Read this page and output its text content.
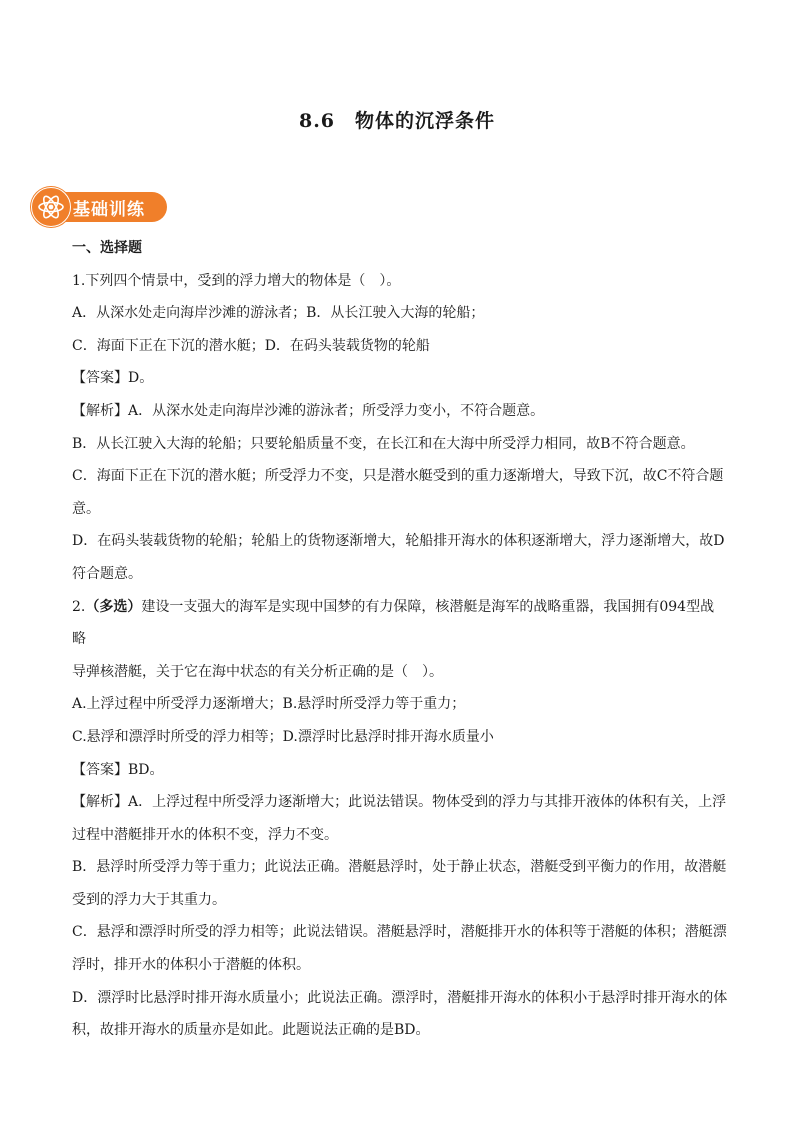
8.6　物体的沉浮条件
基础训练

一、选择题

1.下列四个情景中，受到的浮力增大的物体是（　）。

A．从深水处走向海岸沙滩的游泳者；B．从长江驶入大海的轮船；

C．海面下正在下沉的潜水艇；D．在码头装载货物的轮船

【答案】D。

【解析】A．从深水处走向海岸沙滩的游泳者；所受浮力变小，不符合题意。

B．从长江驶入大海的轮船；只要轮船质量不变，在长江和在大海中所受浮力相同，故B不符合题意。

C．海面下正在下沉的潜水艇；所受浮力不变，只是潜水艇受到的重力逐渐增大，导致下沉，故C不符合题

意。

D．在码头装载货物的轮船；轮船上的货物逐渐增大，轮船排开海水的体积逐渐增大，浮力逐渐增大，故D

符合题意。

2.（多选）建设一支强大的海军是实现中国梦的有力保障，核潜艇是海军的战略重器，我国拥有094型战略

导弹核潜艇，关于它在海中状态的有关分析正确的是（　）。

A.上浮过程中所受浮力逐渐增大；B.悬浮时所受浮力等于重力；

C.悬浮和漂浮时所受的浮力相等；D.漂浮时比悬浮时排开海水质量小

【答案】BD。

【解析】A．上浮过程中所受浮力逐渐增大；此说法错误。物体受到的浮力与其排开液体的体积有关，上浮

过程中潜艇排开水的体积不变，浮力不变。

B．悬浮时所受浮力等于重力；此说法正确。潜艇悬浮时，处于静止状态，潜艇受到平衡力的作用，故潜艇

受到的浮力大于其重力。

C．悬浮和漂浮时所受的浮力相等；此说法错误。潜艇悬浮时，潜艇排开水的体积等于潜艇的体积；潜艇漂

浮时，排开水的体积小于潜艇的体积。

D．漂浮时比悬浮时排开海水质量小；此说法正确。漂浮时，潜艇排开海水的体积小于悬浮时排开海水的体

积，故排开海水的质量亦是如此。此题说法正确的是BD。
